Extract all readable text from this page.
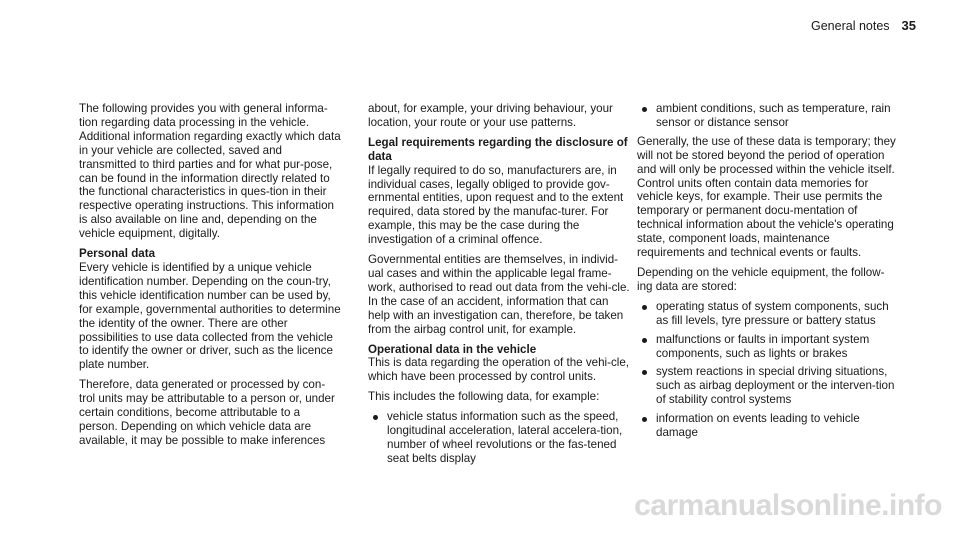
General notes 35

The following provides you with general informa-tion regarding data processing in the vehicle. Additional information regarding exactly which data in your vehicle are collected, saved and transmitted to third parties and for what pur-pose, can be found in the information directly related to the functional characteristics in ques-tion in their respective operating instructions. This information is also available on line and, depending on the vehicle equipment, digitally.

Personal data

Every vehicle is identified by a unique vehicle identification number. Depending on the coun-try, this vehicle identification number can be used by, for example, governmental authorities to determine the identity of the owner. There are other possibilities to use data collected from the vehicle to identify the owner or driver, such as the licence plate number.

Therefore, data generated or processed by con-trol units may be attributable to a person or, under certain conditions, become attributable to a person. Depending on which vehicle data are available, it may be possible to make inferences

about, for example, your driving behaviour, your location, your route or your use patterns.

Legal requirements regarding the disclosure of data

If legally required to do so, manufacturers are, in individual cases, legally obliged to provide gov-ernmental entities, upon request and to the extent required, data stored by the manufac-turer. For example, this may be the case during the investigation of a criminal offence.

Governmental entities are themselves, in individ-ual cases and within the applicable legal frame-work, authorised to read out data from the vehi-cle. In the case of an accident, information that can help with an investigation can, therefore, be taken from the airbag control unit, for example.

Operational data in the vehicle

This is data regarding the operation of the vehi-cle, which have been processed by control units.

This includes the following data, for example:

vehicle status information such as the speed, longitudinal acceleration, lateral accelera-tion, number of wheel revolutions or the fas-tened seat belts display
ambient conditions, such as temperature, rain sensor or distance sensor

Generally, the use of these data is temporary; they will not be stored beyond the period of operation and will only be processed within the vehicle itself. Control units often contain data memories for vehicle keys, for example. Their use permits the temporary or permanent docu-mentation of technical information about the vehicle's operating state, component loads, maintenance requirements and technical events or faults.

Depending on the vehicle equipment, the follow-ing data are stored:

operating status of system components, such as fill levels, tyre pressure or battery status
malfunctions or faults in important system components, such as lights or brakes
system reactions in special driving situations, such as airbag deployment or the interven-tion of stability control systems
information on events leading to vehicle damage
carmanualsonline.info
